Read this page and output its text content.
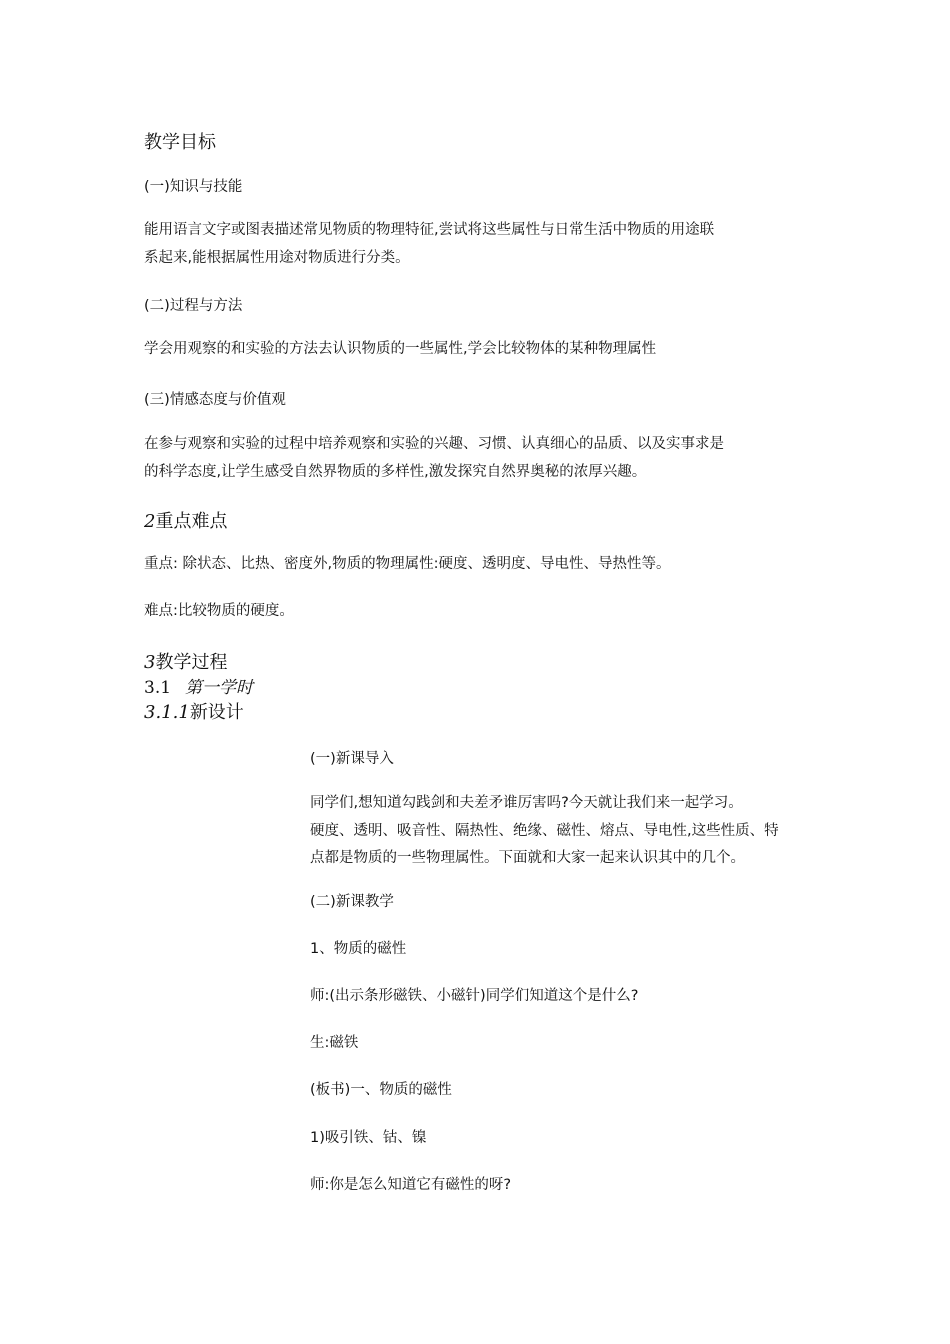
教学目标
(一)知识与技能
能用语言文字或图表描述常见物质的物理特征,尝试将这些属性与日常生活中物质的用途联
系起来,能根据属性用途对物质进行分类。
(二)过程与方法
学会用观察的和实验的方法去认识物质的一些属性,学会比较物体的某种物理属性
(三)情感态度与价值观
在参与观察和实验的过程中培养观察和实验的兴趣、习惯、认真细心的品质、以及实事求是
的科学态度,让学生感受自然界物质的多样性,激发探究自然界奥秘的浓厚兴趣。
2重点难点
重点: 除状态、比热、密度外,物质的物理属性:硬度、透明度、导电性、导热性等。
难点:比较物质的硬度。
3教学过程
3.1 第一学时
3.1.1新设计
(一)新课导入
同学们,想知道勾践剑和夫差矛谁厉害吗?今天就让我们来一起学习。
硬度、透明、吸音性、隔热性、绝缘、磁性、熔点、导电性,这些性质、特
点都是物质的一些物理属性。下面就和大家一起来认识其中的几个。
(二)新课教学
1、物质的磁性
师:(出示条形磁铁、小磁针)同学们知道这个是什么?
生:磁铁
(板书)一、物质的磁性
1)吸引铁、钴、镍
师:你是怎么知道它有磁性的呀?
